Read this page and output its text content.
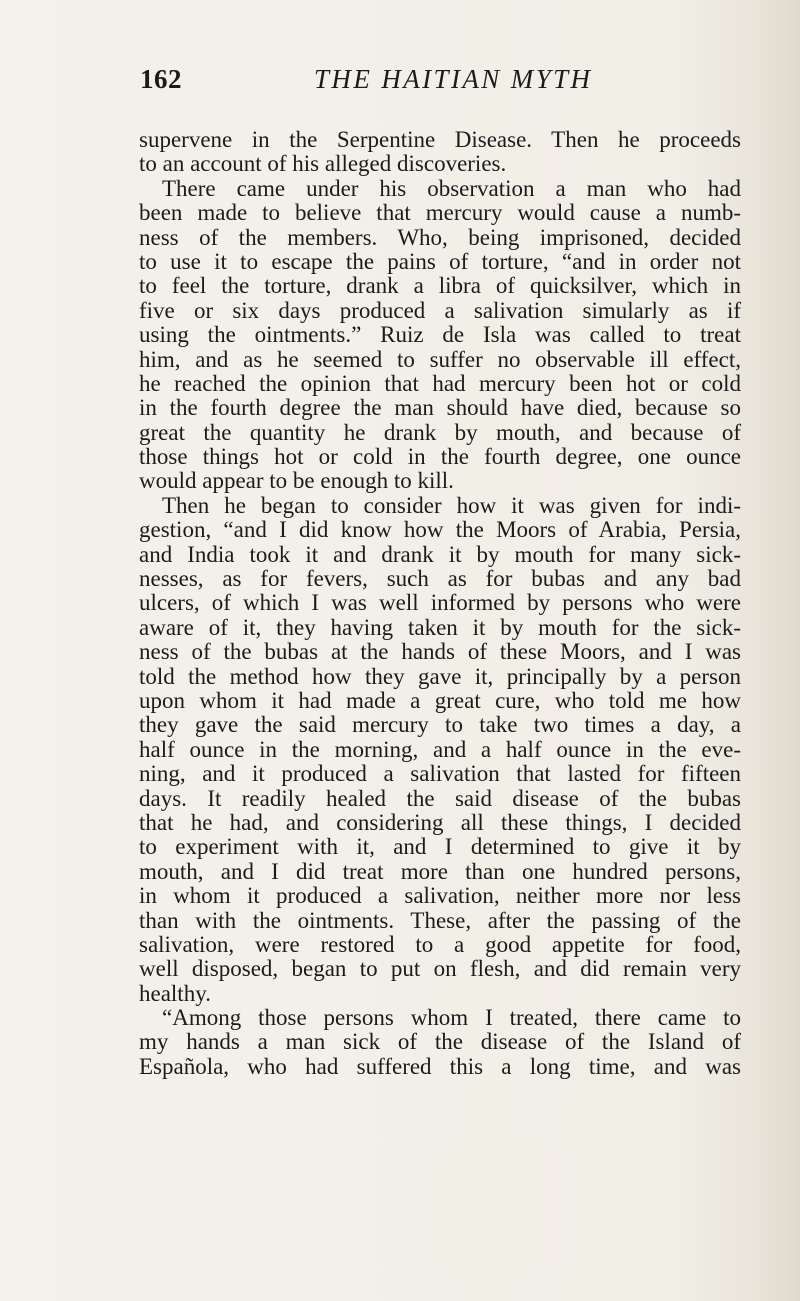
162	THE HAITIAN MYTH
supervene in the Serpentine Disease. Then he proceeds
to an account of his alleged discoveries.
There came under his observation a man who had
been made to believe that mercury would cause a numb-
ness of the members. Who, being imprisoned, decided
to use it to escape the pains of torture, “and in order not
to feel the torture, drank a libra of quicksilver, which in
five or six days produced a salivation simularly as if
using the ointments.” Ruiz de Isla was called to treat
him, and as he seemed to suffer no observable ill effect,
he reached the opinion that had mercury been hot or cold
in the fourth degree the man should have died, because so
great the quantity he drank by mouth, and because of
those things hot or cold in the fourth degree, one ounce
would appear to be enough to kill.
Then he began to consider how it was given for indi-
gestion, “and I did know how the Moors of Arabia, Persia,
and India took it and drank it by mouth for many sick-
nesses, as for fevers, such as for bubas and any bad
ulcers, of which I was well informed by persons who were
aware of it, they having taken it by mouth for the sick-
ness of the bubas at the hands of these Moors, and I was
told the method how they gave it, principally by a person
upon whom it had made a great cure, who told me how
they gave the said mercury to take two times a day, a
half ounce in the morning, and a half ounce in the eve-
ning, and it produced a salivation that lasted for fifteen
days. It readily healed the said disease of the bubas
that he had, and considering all these things, I decided
to experiment with it, and I determined to give it by
mouth, and I did treat more than one hundred persons,
in whom it produced a salivation, neither more nor less
than with the ointments. These, after the passing of the
salivation, were restored to a good appetite for food,
well disposed, began to put on flesh, and did remain very
healthy.
“Among those persons whom I treated, there came to
my hands a man sick of the disease of the Island of
Española, who had suffered this a long time, and was
